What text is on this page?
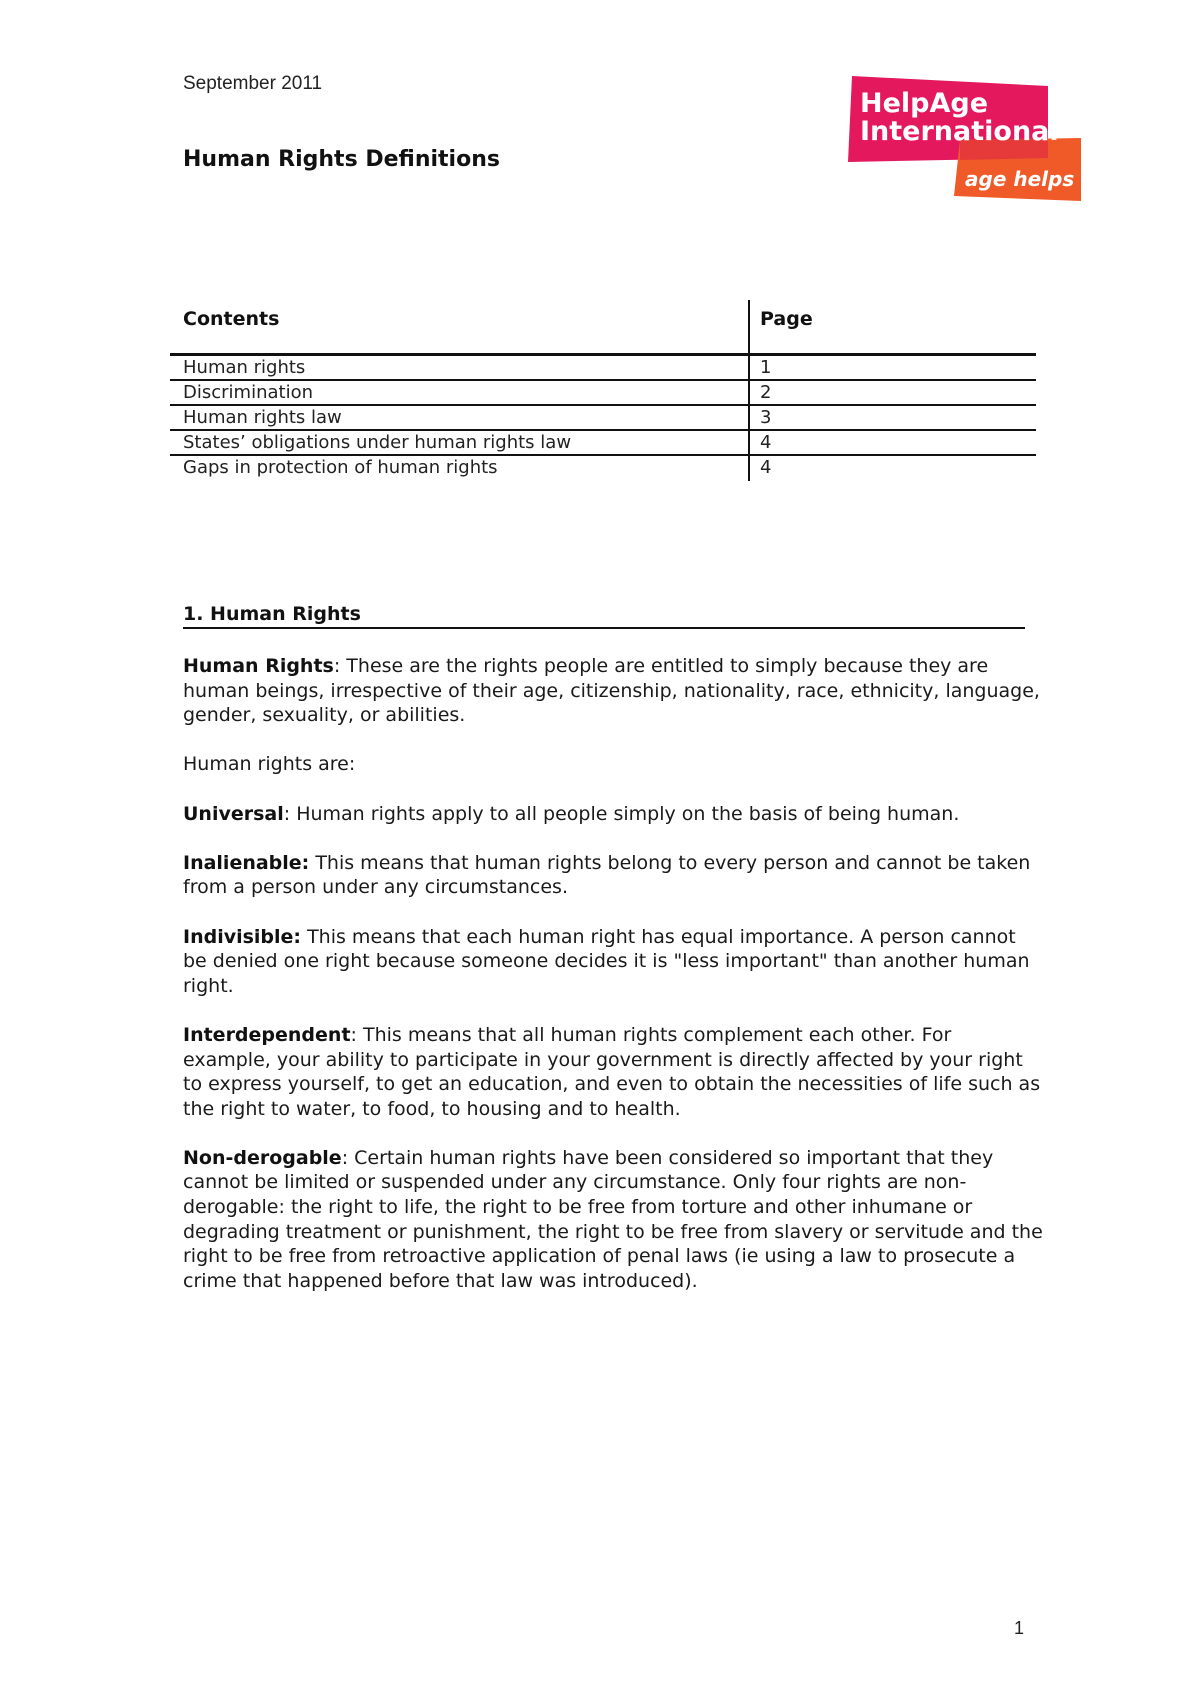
September 2011
Human Rights Definitions
HelpAge
International
age helps
Contents	Page
Human rights	1
Discrimination	2
Human rights law	3
States’ obligations under human rights law	4
Gaps in protection of human rights	4
1. Human Rights

Human Rights: These are the rights people are entitled to simply because they are human beings, irrespective of their age, citizenship, nationality, race, ethnicity, language, gender, sexuality, or abilities.

Human rights are:

Universal: Human rights apply to all people simply on the basis of being human.

Inalienable: This means that human rights belong to every person and cannot be taken from a person under any circumstances.

Indivisible: This means that each human right has equal importance. A person cannot be denied one right because someone decides it is "less important" than another human right.

Interdependent: This means that all human rights complement each other. For example, your ability to participate in your government is directly affected by your right to express yourself, to get an education, and even to obtain the necessities of life such as the right to water, to food, to housing and to health.

Non-derogable: Certain human rights have been considered so important that they cannot be limited or suspended under any circumstance. Only four rights are non-derogable: the right to life, the right to be free from torture and other inhumane or degrading treatment or punishment, the right to be free from slavery or servitude and the right to be free from retroactive application of penal laws (ie using a law to prosecute a crime that happened before that law was introduced).

1
